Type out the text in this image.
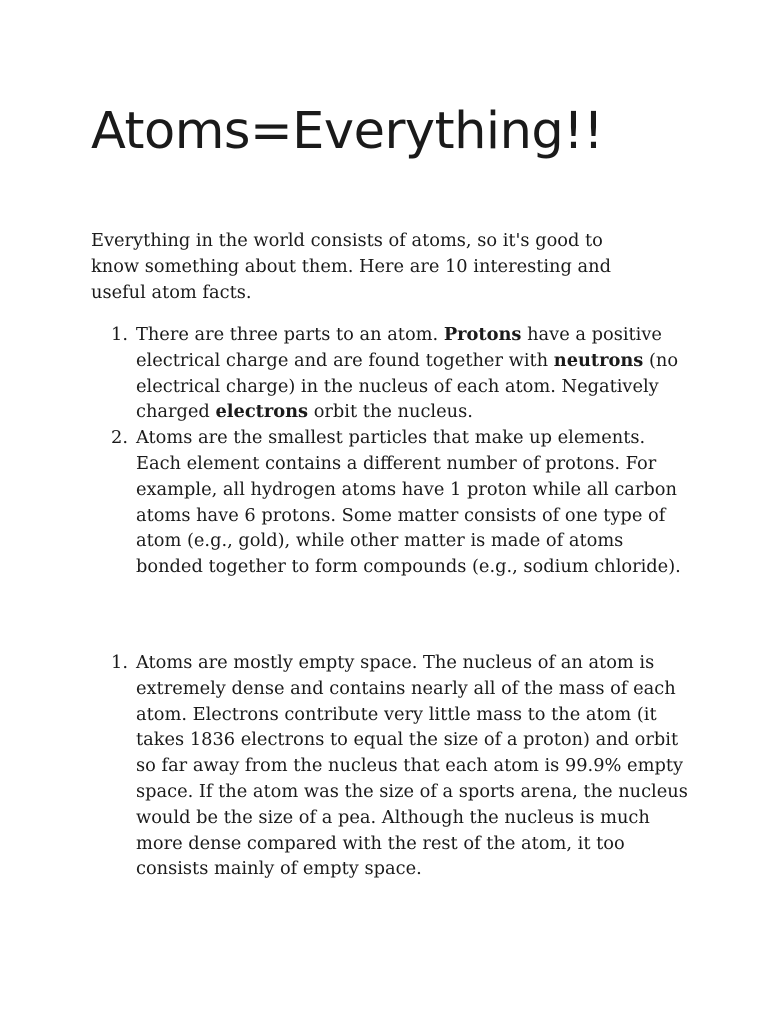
Atoms=Everything!!

Everything in the world consists of atoms, so it's good to
know something about them. Here are 10 interesting and
useful atom facts.

1. There are three parts to an atom. Protons have a positive electrical charge and are found together with neutrons (no electrical charge) in the nucleus of each atom. Negatively charged electrons orbit the nucleus.
2. Atoms are the smallest particles that make up elements. Each element contains a different number of protons. For example, all hydrogen atoms have 1 proton while all carbon atoms have 6 protons. Some matter consists of one type of atom (e.g., gold), while other matter is made of atoms bonded together to form compounds (e.g., sodium chloride).
1. Atoms are mostly empty space. The nucleus of an atom is extremely dense and contains nearly all of the mass of each atom. Electrons contribute very little mass to the atom (it takes 1836 electrons to equal the size of a proton) and orbit so far away from the nucleus that each atom is 99.9% empty space. If the atom was the size of a sports arena, the nucleus would be the size of a pea. Although the nucleus is much more dense compared with the rest of the atom, it too consists mainly of empty space.
